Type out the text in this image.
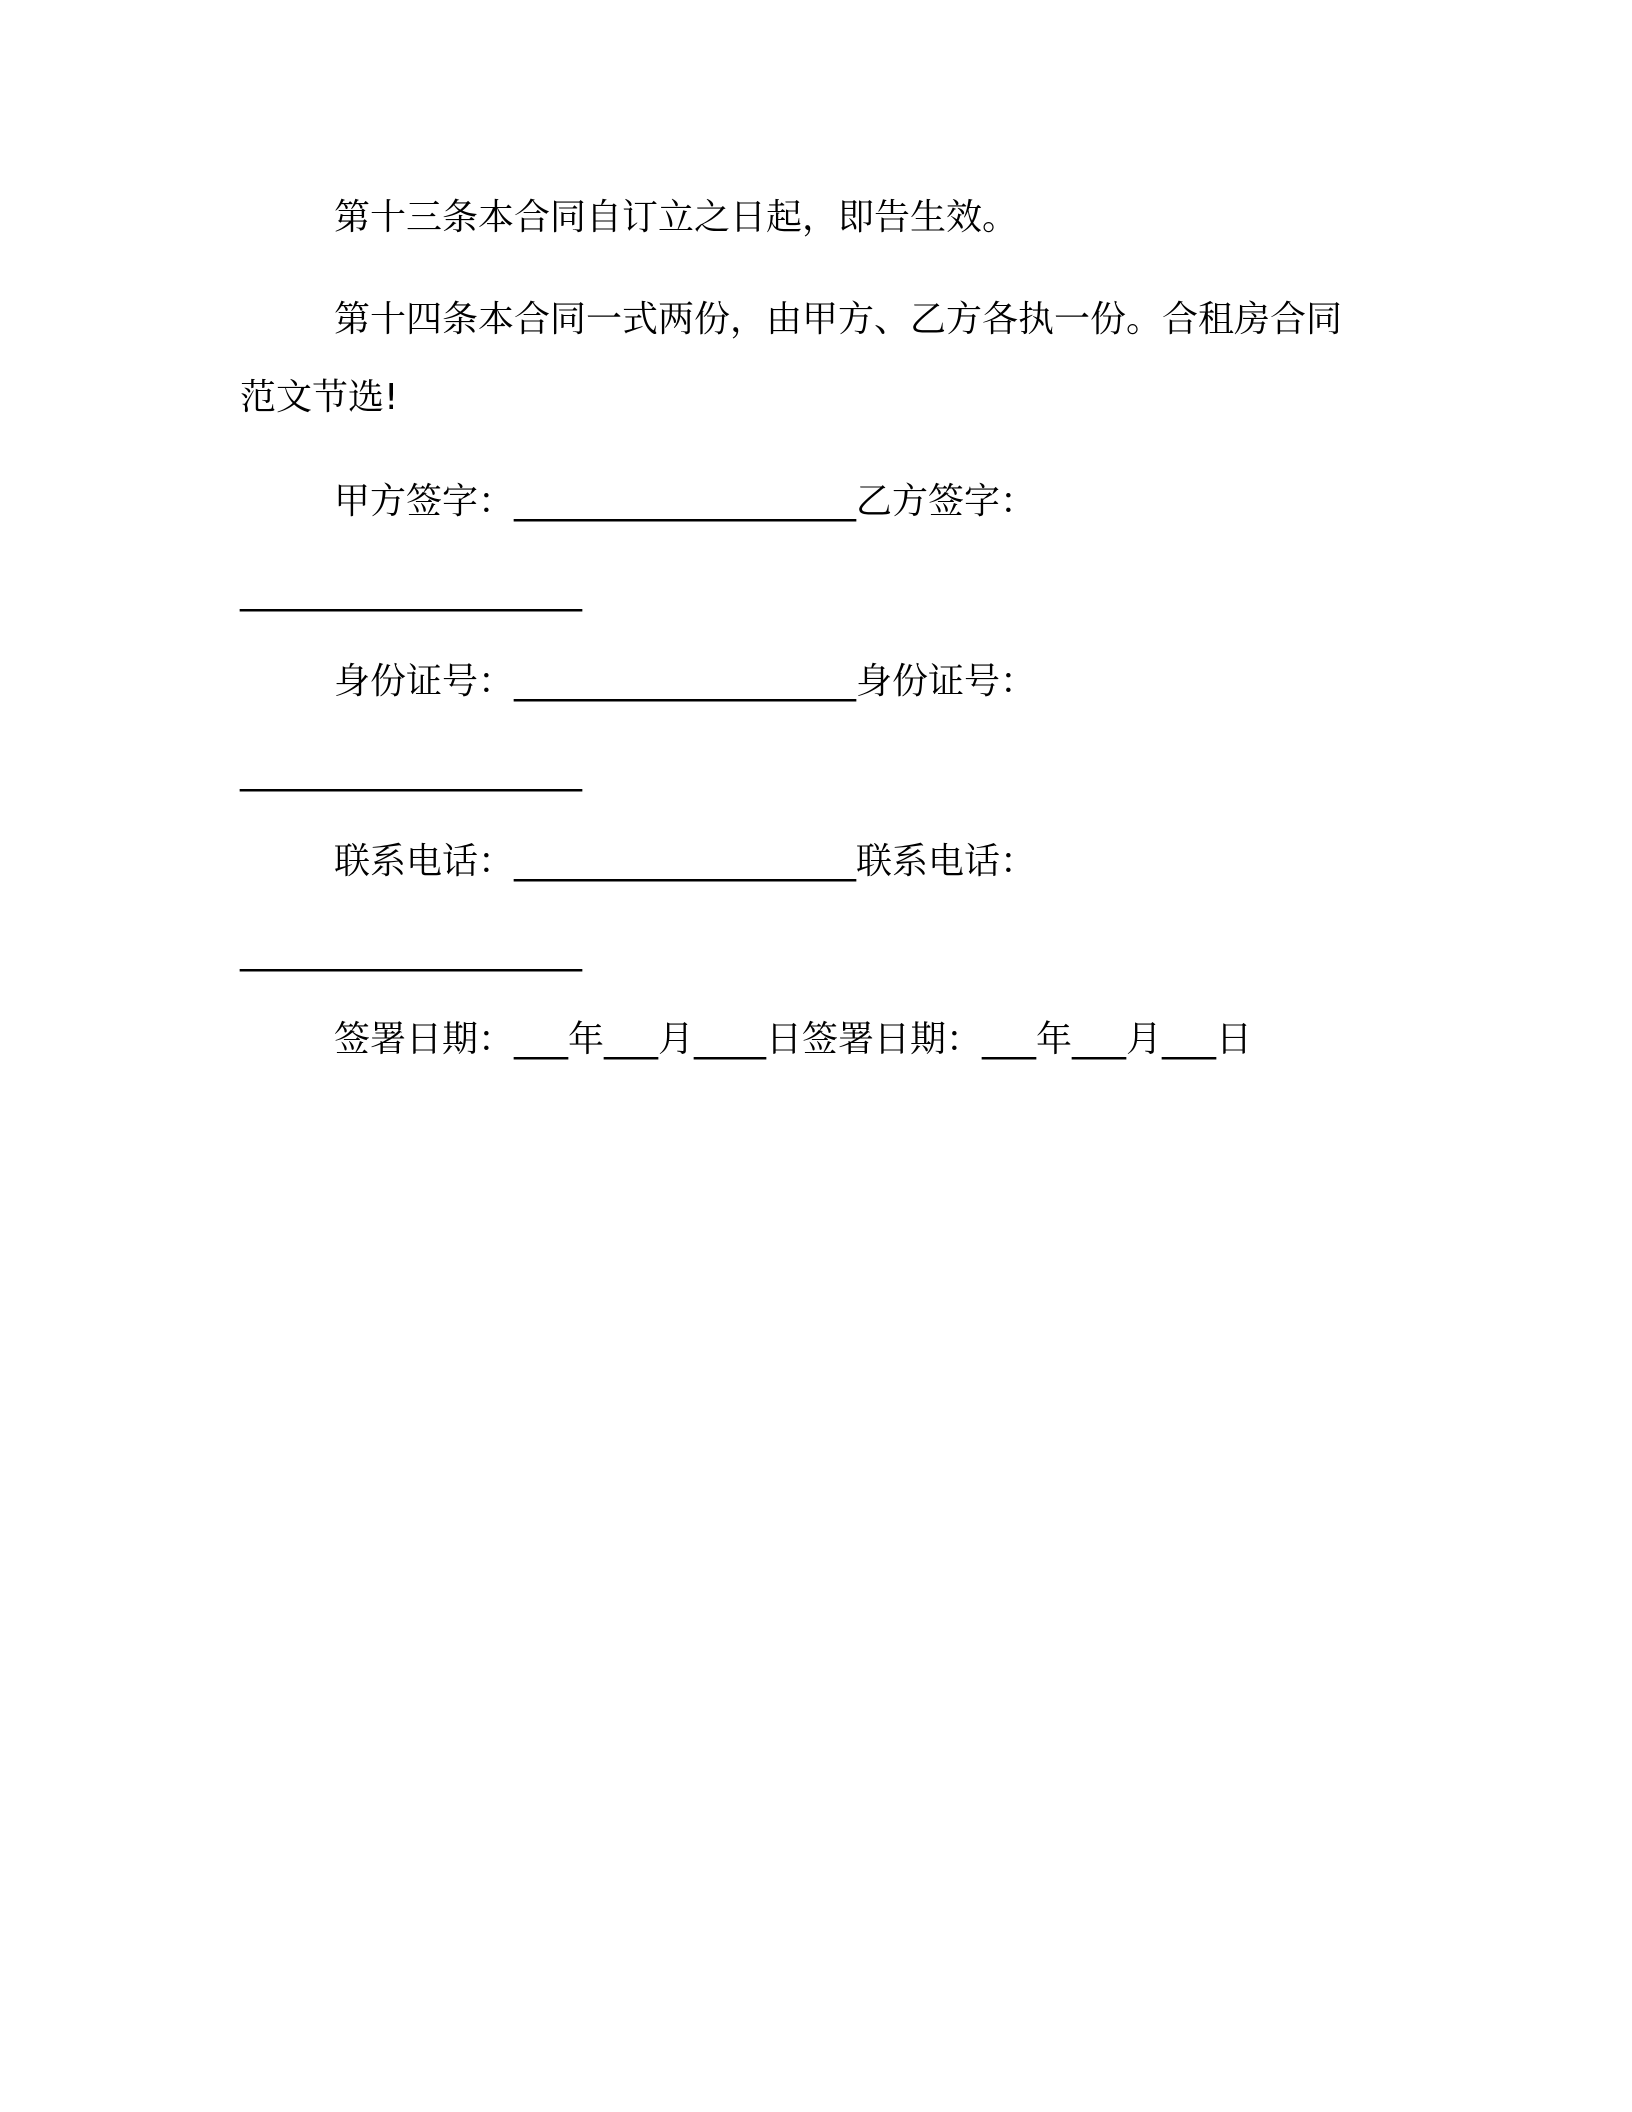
第十三条本合同自订立之日起，即告生效。
第十四条本合同一式两份，由甲方、乙方各执一份。合租房合同
范文节选!
甲方签字：___________________乙方签字：
___________________
身份证号：___________________身份证号：
___________________
联系电话：___________________联系电话：
___________________
签署日期：___年___月____日签署日期：___年___月___日
